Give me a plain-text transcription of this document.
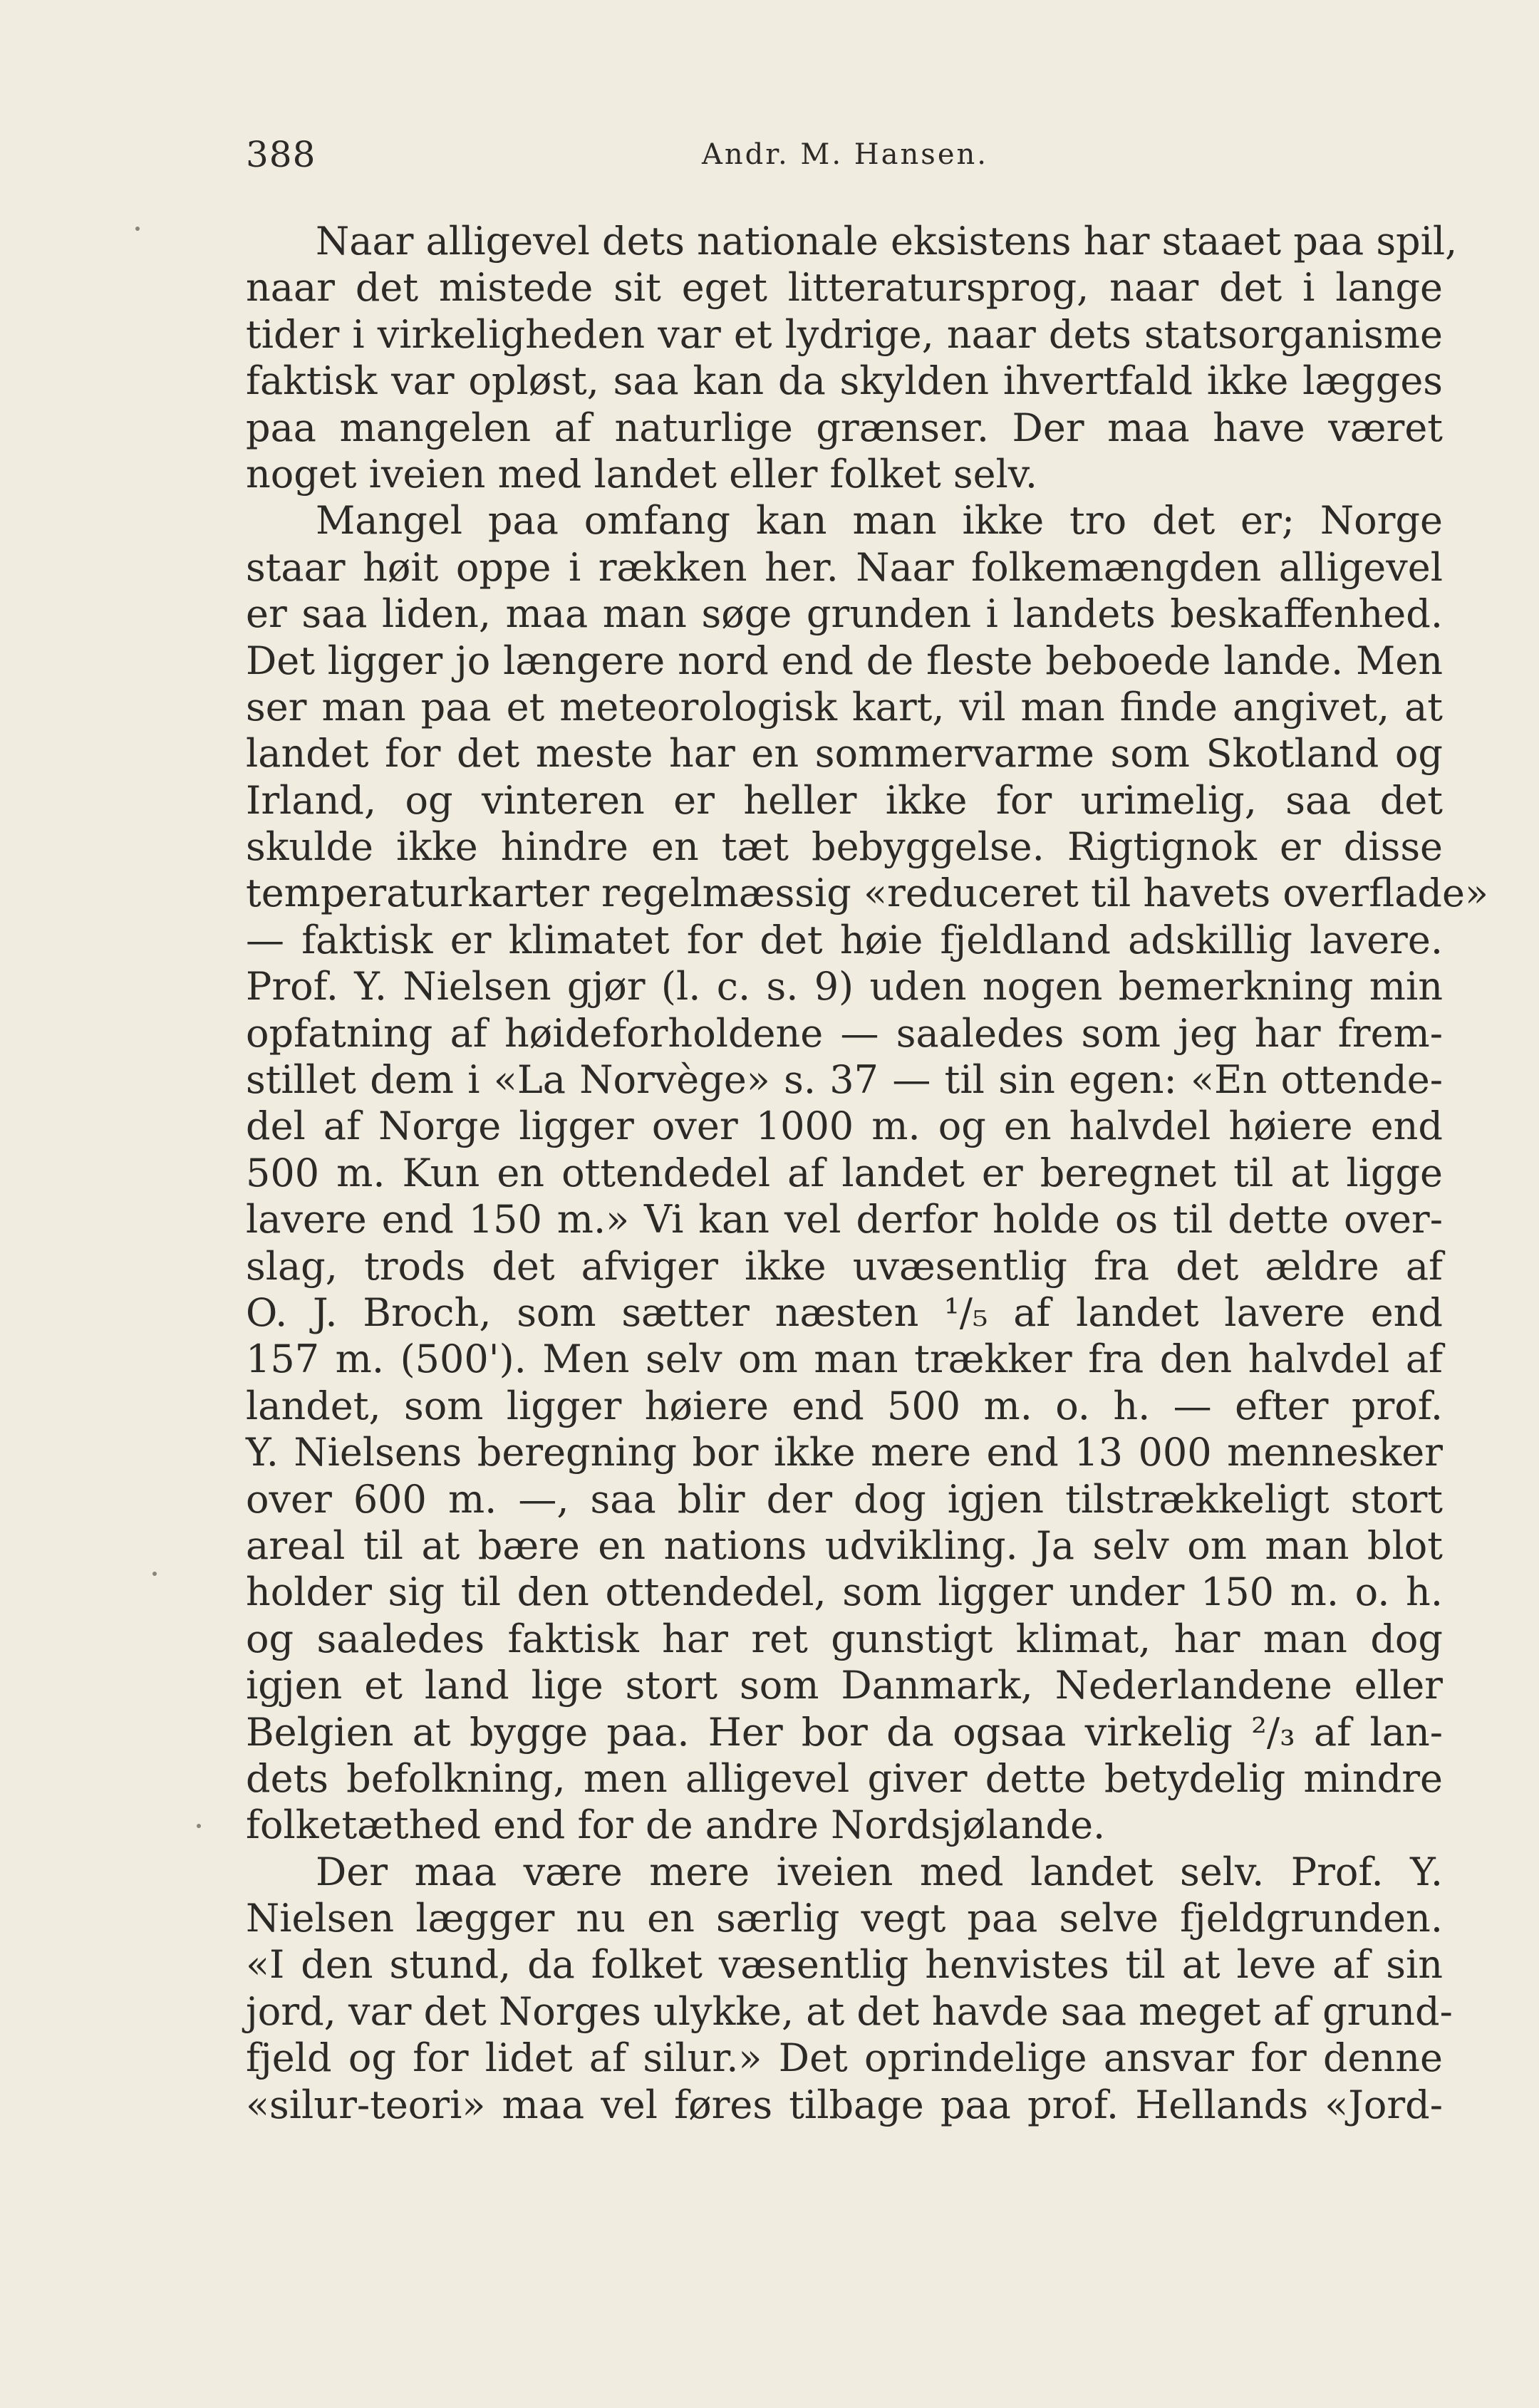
388	Andr. M. Hansen.
Naar alligevel dets nationale eksistens har staaet paa spil,
naar det mistede sit eget litteratursprog, naar det i lange
tider i virkeligheden var et lydrige, naar dets statsorganisme
faktisk var opløst, saa kan da skylden ihvertfald ikke lægges
paa mangelen af naturlige grænser. Der maa have været
noget iveien med landet eller folket selv.
Mangel paa omfang kan man ikke tro det er; Norge
staar høit oppe i rækken her. Naar folkemængden alligevel
er saa liden, maa man søge grunden i landets beskaffenhed.
Det ligger jo længere nord end de fleste beboede lande. Men
ser man paa et meteorologisk kart, vil man finde angivet, at
landet for det meste har en sommervarme som Skotland og
Irland, og vinteren er heller ikke for urimelig, saa det
skulde ikke hindre en tæt bebyggelse. Rigtignok er disse
temperaturkarter regelmæssig «reduceret til havets overflade»
— faktisk er klimatet for det høie fjeldland adskillig lavere.
Prof. Y. Nielsen gjør (l. c. s. 9) uden nogen bemerkning min
opfatning af høideforholdene — saaledes som jeg har frem-
stillet dem i «La Norvège» s. 37 — til sin egen: «En ottende-
del af Norge ligger over 1000 m. og en halvdel høiere end
500 m. Kun en ottendedel af landet er beregnet til at ligge
lavere end 150 m.» Vi kan vel derfor holde os til dette over-
slag, trods det afviger ikke uvæsentlig fra det ældre af
O. J. Broch, som sætter næsten ¹/₅ af landet lavere end
157 m. (500'). Men selv om man trækker fra den halvdel af
landet, som ligger høiere end 500 m. o. h. — efter prof.
Y. Nielsens beregning bor ikke mere end 13 000 mennesker
over 600 m. —, saa blir der dog igjen tilstrækkeligt stort
areal til at bære en nations udvikling. Ja selv om man blot
holder sig til den ottendedel, som ligger under 150 m. o. h.
og saaledes faktisk har ret gunstigt klimat, har man dog
igjen et land lige stort som Danmark, Nederlandene eller
Belgien at bygge paa. Her bor da ogsaa virkelig ²/₃ af lan-
dets befolkning, men alligevel giver dette betydelig mindre
folketæthed end for de andre Nordsjølande.
Der maa være mere iveien med landet selv. Prof. Y.
Nielsen lægger nu en særlig vegt paa selve fjeldgrunden.
«I den stund, da folket væsentlig henvistes til at leve af sin
jord, var det Norges ulykke, at det havde saa meget af grund-
fjeld og for lidet af silur.» Det oprindelige ansvar for denne
«silur-teori» maa vel føres tilbage paa prof. Hellands «Jord-
